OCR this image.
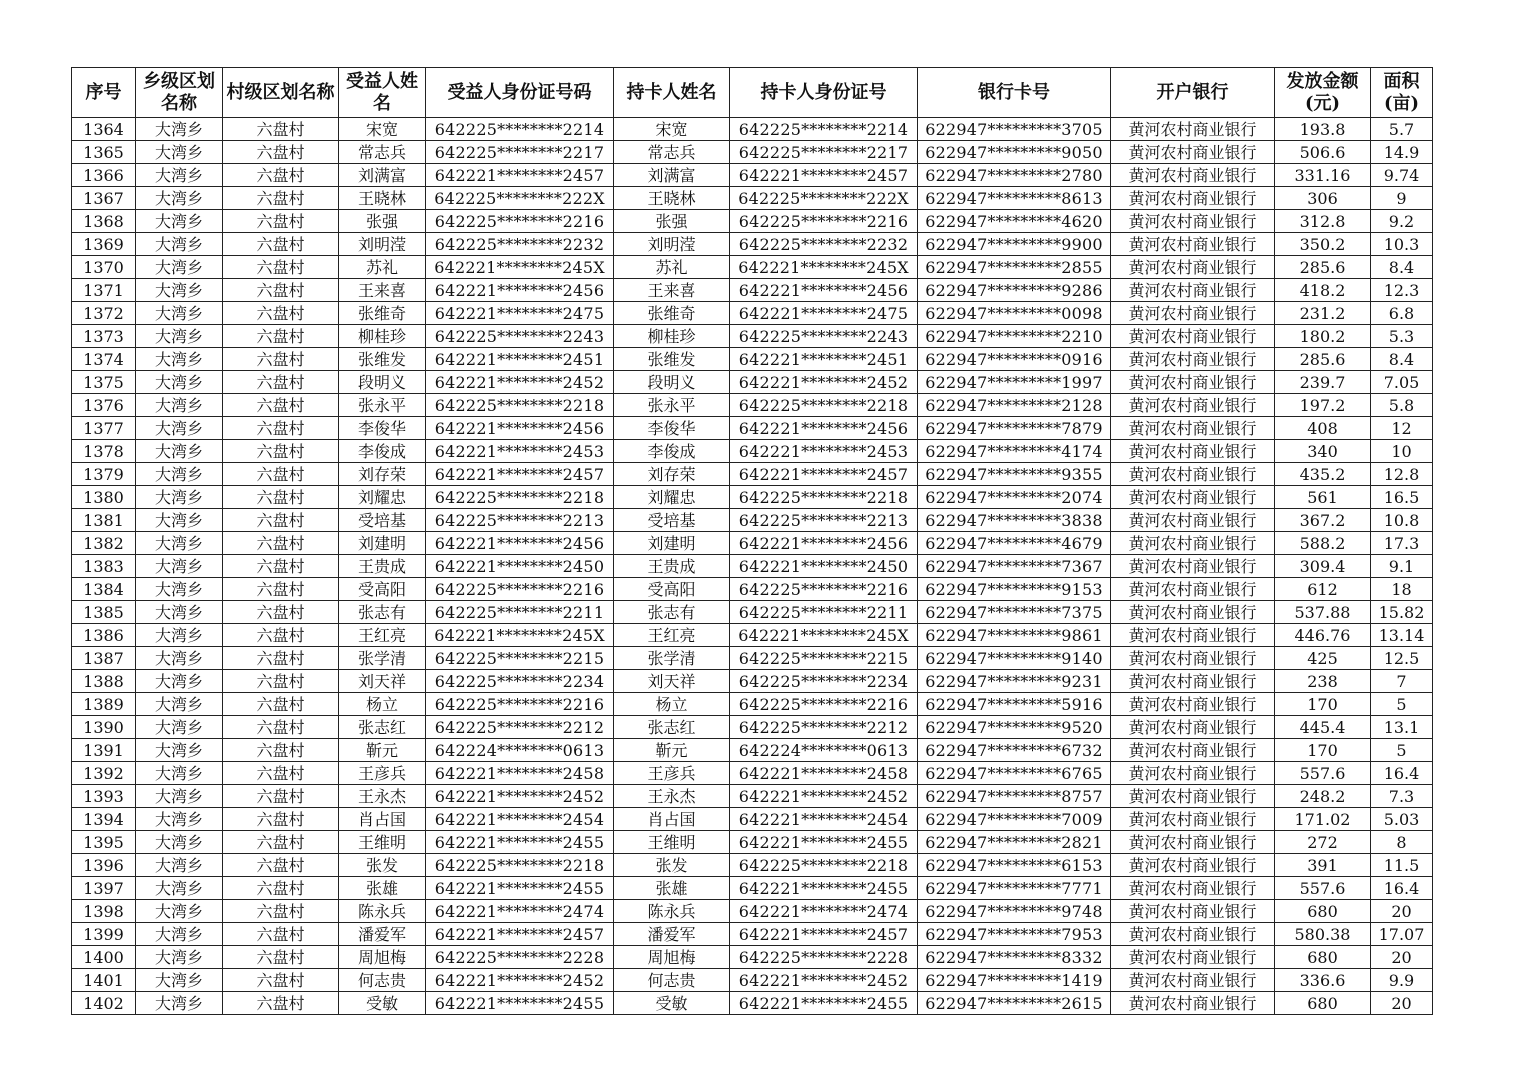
序号	乡级区划名称	村级区划名称	受益人姓名	受益人身份证号码	持卡人姓名	持卡人身份证号	银行卡号	开户银行	发放金额(元)	面积(亩)
1364	大湾乡	六盘村	宋宽	642225********2214	宋宽	642225********2214	622947*********3705	黄河农村商业银行	193.8	5.7
1365	大湾乡	六盘村	常志兵	642225********2217	常志兵	642225********2217	622947*********9050	黄河农村商业银行	506.6	14.9
1366	大湾乡	六盘村	刘满富	642221********2457	刘满富	642221********2457	622947*********2780	黄河农村商业银行	331.16	9.74
1367	大湾乡	六盘村	王晓林	642225********222X	王晓林	642225********222X	622947*********8613	黄河农村商业银行	306	9
1368	大湾乡	六盘村	张强	642225********2216	张强	642225********2216	622947*********4620	黄河农村商业银行	312.8	9.2
1369	大湾乡	六盘村	刘明滢	642225********2232	刘明滢	642225********2232	622947*********9900	黄河农村商业银行	350.2	10.3
1370	大湾乡	六盘村	苏礼	642221********245X	苏礼	642221********245X	622947*********2855	黄河农村商业银行	285.6	8.4
1371	大湾乡	六盘村	王来喜	642221********2456	王来喜	642221********2456	622947*********9286	黄河农村商业银行	418.2	12.3
1372	大湾乡	六盘村	张维奇	642221********2475	张维奇	642221********2475	622947*********0098	黄河农村商业银行	231.2	6.8
1373	大湾乡	六盘村	柳桂珍	642225********2243	柳桂珍	642225********2243	622947*********2210	黄河农村商业银行	180.2	5.3
1374	大湾乡	六盘村	张维发	642221********2451	张维发	642221********2451	622947*********0916	黄河农村商业银行	285.6	8.4
1375	大湾乡	六盘村	段明义	642221********2452	段明义	642221********2452	622947*********1997	黄河农村商业银行	239.7	7.05
1376	大湾乡	六盘村	张永平	642225********2218	张永平	642225********2218	622947*********2128	黄河农村商业银行	197.2	5.8
1377	大湾乡	六盘村	李俊华	642221********2456	李俊华	642221********2456	622947*********7879	黄河农村商业银行	408	12
1378	大湾乡	六盘村	李俊成	642221********2453	李俊成	642221********2453	622947*********4174	黄河农村商业银行	340	10
1379	大湾乡	六盘村	刘存荣	642221********2457	刘存荣	642221********2457	622947*********9355	黄河农村商业银行	435.2	12.8
1380	大湾乡	六盘村	刘耀忠	642225********2218	刘耀忠	642225********2218	622947*********2074	黄河农村商业银行	561	16.5
1381	大湾乡	六盘村	受培基	642225********2213	受培基	642225********2213	622947*********3838	黄河农村商业银行	367.2	10.8
1382	大湾乡	六盘村	刘建明	642221********2456	刘建明	642221********2456	622947*********4679	黄河农村商业银行	588.2	17.3
1383	大湾乡	六盘村	王贵成	642221********2450	王贵成	642221********2450	622947*********7367	黄河农村商业银行	309.4	9.1
1384	大湾乡	六盘村	受高阳	642225********2216	受高阳	642225********2216	622947*********9153	黄河农村商业银行	612	18
1385	大湾乡	六盘村	张志有	642225********2211	张志有	642225********2211	622947*********7375	黄河农村商业银行	537.88	15.82
1386	大湾乡	六盘村	王红亮	642221********245X	王红亮	642221********245X	622947*********9861	黄河农村商业银行	446.76	13.14
1387	大湾乡	六盘村	张学清	642225********2215	张学清	642225********2215	622947*********9140	黄河农村商业银行	425	12.5
1388	大湾乡	六盘村	刘天祥	642225********2234	刘天祥	642225********2234	622947*********9231	黄河农村商业银行	238	7
1389	大湾乡	六盘村	杨立	642225********2216	杨立	642225********2216	622947*********5916	黄河农村商业银行	170	5
1390	大湾乡	六盘村	张志红	642225********2212	张志红	642225********2212	622947*********9520	黄河农村商业银行	445.4	13.1
1391	大湾乡	六盘村	靳元	642224********0613	靳元	642224********0613	622947*********6732	黄河农村商业银行	170	5
1392	大湾乡	六盘村	王彦兵	642221********2458	王彦兵	642221********2458	622947*********6765	黄河农村商业银行	557.6	16.4
1393	大湾乡	六盘村	王永杰	642221********2452	王永杰	642221********2452	622947*********8757	黄河农村商业银行	248.2	7.3
1394	大湾乡	六盘村	肖占国	642221********2454	肖占国	642221********2454	622947*********7009	黄河农村商业银行	171.02	5.03
1395	大湾乡	六盘村	王维明	642221********2455	王维明	642221********2455	622947*********2821	黄河农村商业银行	272	8
1396	大湾乡	六盘村	张发	642225********2218	张发	642225********2218	622947*********6153	黄河农村商业银行	391	11.5
1397	大湾乡	六盘村	张雄	642221********2455	张雄	642221********2455	622947*********7771	黄河农村商业银行	557.6	16.4
1398	大湾乡	六盘村	陈永兵	642221********2474	陈永兵	642221********2474	622947*********9748	黄河农村商业银行	680	20
1399	大湾乡	六盘村	潘爱军	642221********2457	潘爱军	642221********2457	622947*********7953	黄河农村商业银行	580.38	17.07
1400	大湾乡	六盘村	周旭梅	642225********2228	周旭梅	642225********2228	622947*********8332	黄河农村商业银行	680	20
1401	大湾乡	六盘村	何志贵	642221********2452	何志贵	642221********2452	622947*********1419	黄河农村商业银行	336.6	9.9
1402	大湾乡	六盘村	受敏	642221********2455	受敏	642221********2455	622947*********2615	黄河农村商业银行	680	20
